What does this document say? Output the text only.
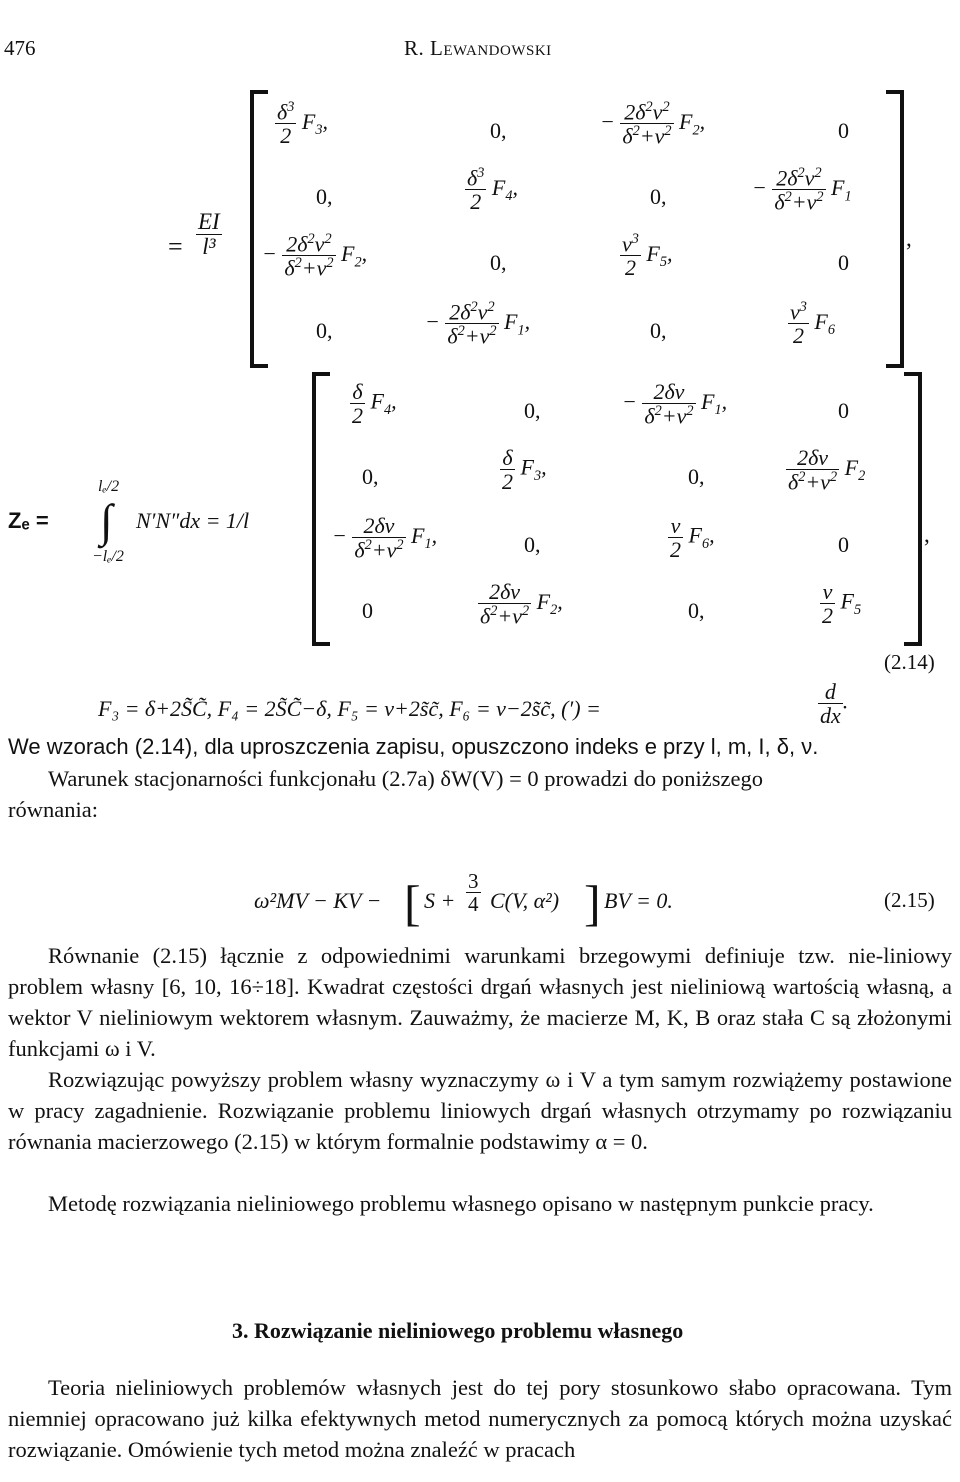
476	R. Lewandowski
= $\frac{EI}{\text{l³}}$
$\frac{\delta^3}{2} F_3$,	0,	− $\frac{2\delta^2\nu^2}{\delta^2+\nu^2} F_2$,	0
0,	$\frac{\delta^3}{2} F_4$,	0,	− $\frac{2\delta^2\nu^2}{\delta^2+\nu^2} F_1$
− $\frac{2\delta^2\nu^2}{\delta^2+\nu^2} F_2$,	0,	$\frac{\nu^3}{2} F_5$,	0
0,	− $\frac{2\delta^2\nu^2}{\delta^2+\nu^2} F_1$,	0,	$\frac{\nu^3}{2} F_6$
,
Zₑ =
lₑ/2
∫
−lₑ/2
N′N″dx = 1/l
$\frac{\delta}{2} F_4$,	0,	− $\frac{2\delta\nu}{\delta^2+\nu^2} F_1$,	0
0,	$\frac{\delta}{2} F_3$,	0,	$\frac{2\delta\nu}{\delta^2+\nu^2} F_2$
− $\frac{2\delta\nu}{\delta^2+\nu^2} F_1$,	0,	$\frac{\nu}{2} F_6$,	0
0	$\frac{2\delta\nu}{\delta^2+\nu^2} F_2$,	0,	$\frac{\nu}{2} F_5$
,
(2.14)
F₃ = δ+2S̃C̃, F₄ = 2S̃C̃−δ, F₅ = ν+2s̃c̃, F₆ = ν−2s̃c̃, (′) =	$\frac{d}{dx}$ .
We wzorach (2.14), dla uproszczenia zapisu, opuszczono indeks e przy l, m, I, δ, ν.
Warunek stacjonarności funkcjonału (2.7a) δW(V) = 0 prowadzi do poniższego
równania:
ω²MV − KV − [ $S + \frac{3}{4} C(V$, α²) ] BV = 0.	(2.15)
Równanie (2.15) łącznie z odpowiednimi warunkami brzegowymi definiuje tzw. nie-liniowy problem własny [6, 10, 16÷18]. Kwadrat częstości drgań własnych jest nieliniową wartością własną, a wektor V nieliniowym wektorem własnym. Zauważmy, że macierze M, K, B oraz stała C są złożonymi funkcjami ω i V.
Rozwiązując powyższy problem własny wyznaczymy ω i V a tym samym rozwiążemy postawione w pracy zagadnienie. Rozwiązanie problemu liniowych drgań własnych otrzymamy po rozwiązaniu równania macierzowego (2.15) w którym formalnie podstawimy α = 0.
Metodę rozwiązania nieliniowego problemu własnego opisano w następnym punkcie pracy.
3. Rozwiązanie nieliniowego problemu własnego
Teoria nieliniowych problemów własnych jest do tej pory stosunkowo słabo opracowana. Tym niemniej opracowano już kilka efektywnych metod numerycznych za pomocą których można uzyskać rozwiązanie. Omówienie tych metod można znaleźć w pracach
